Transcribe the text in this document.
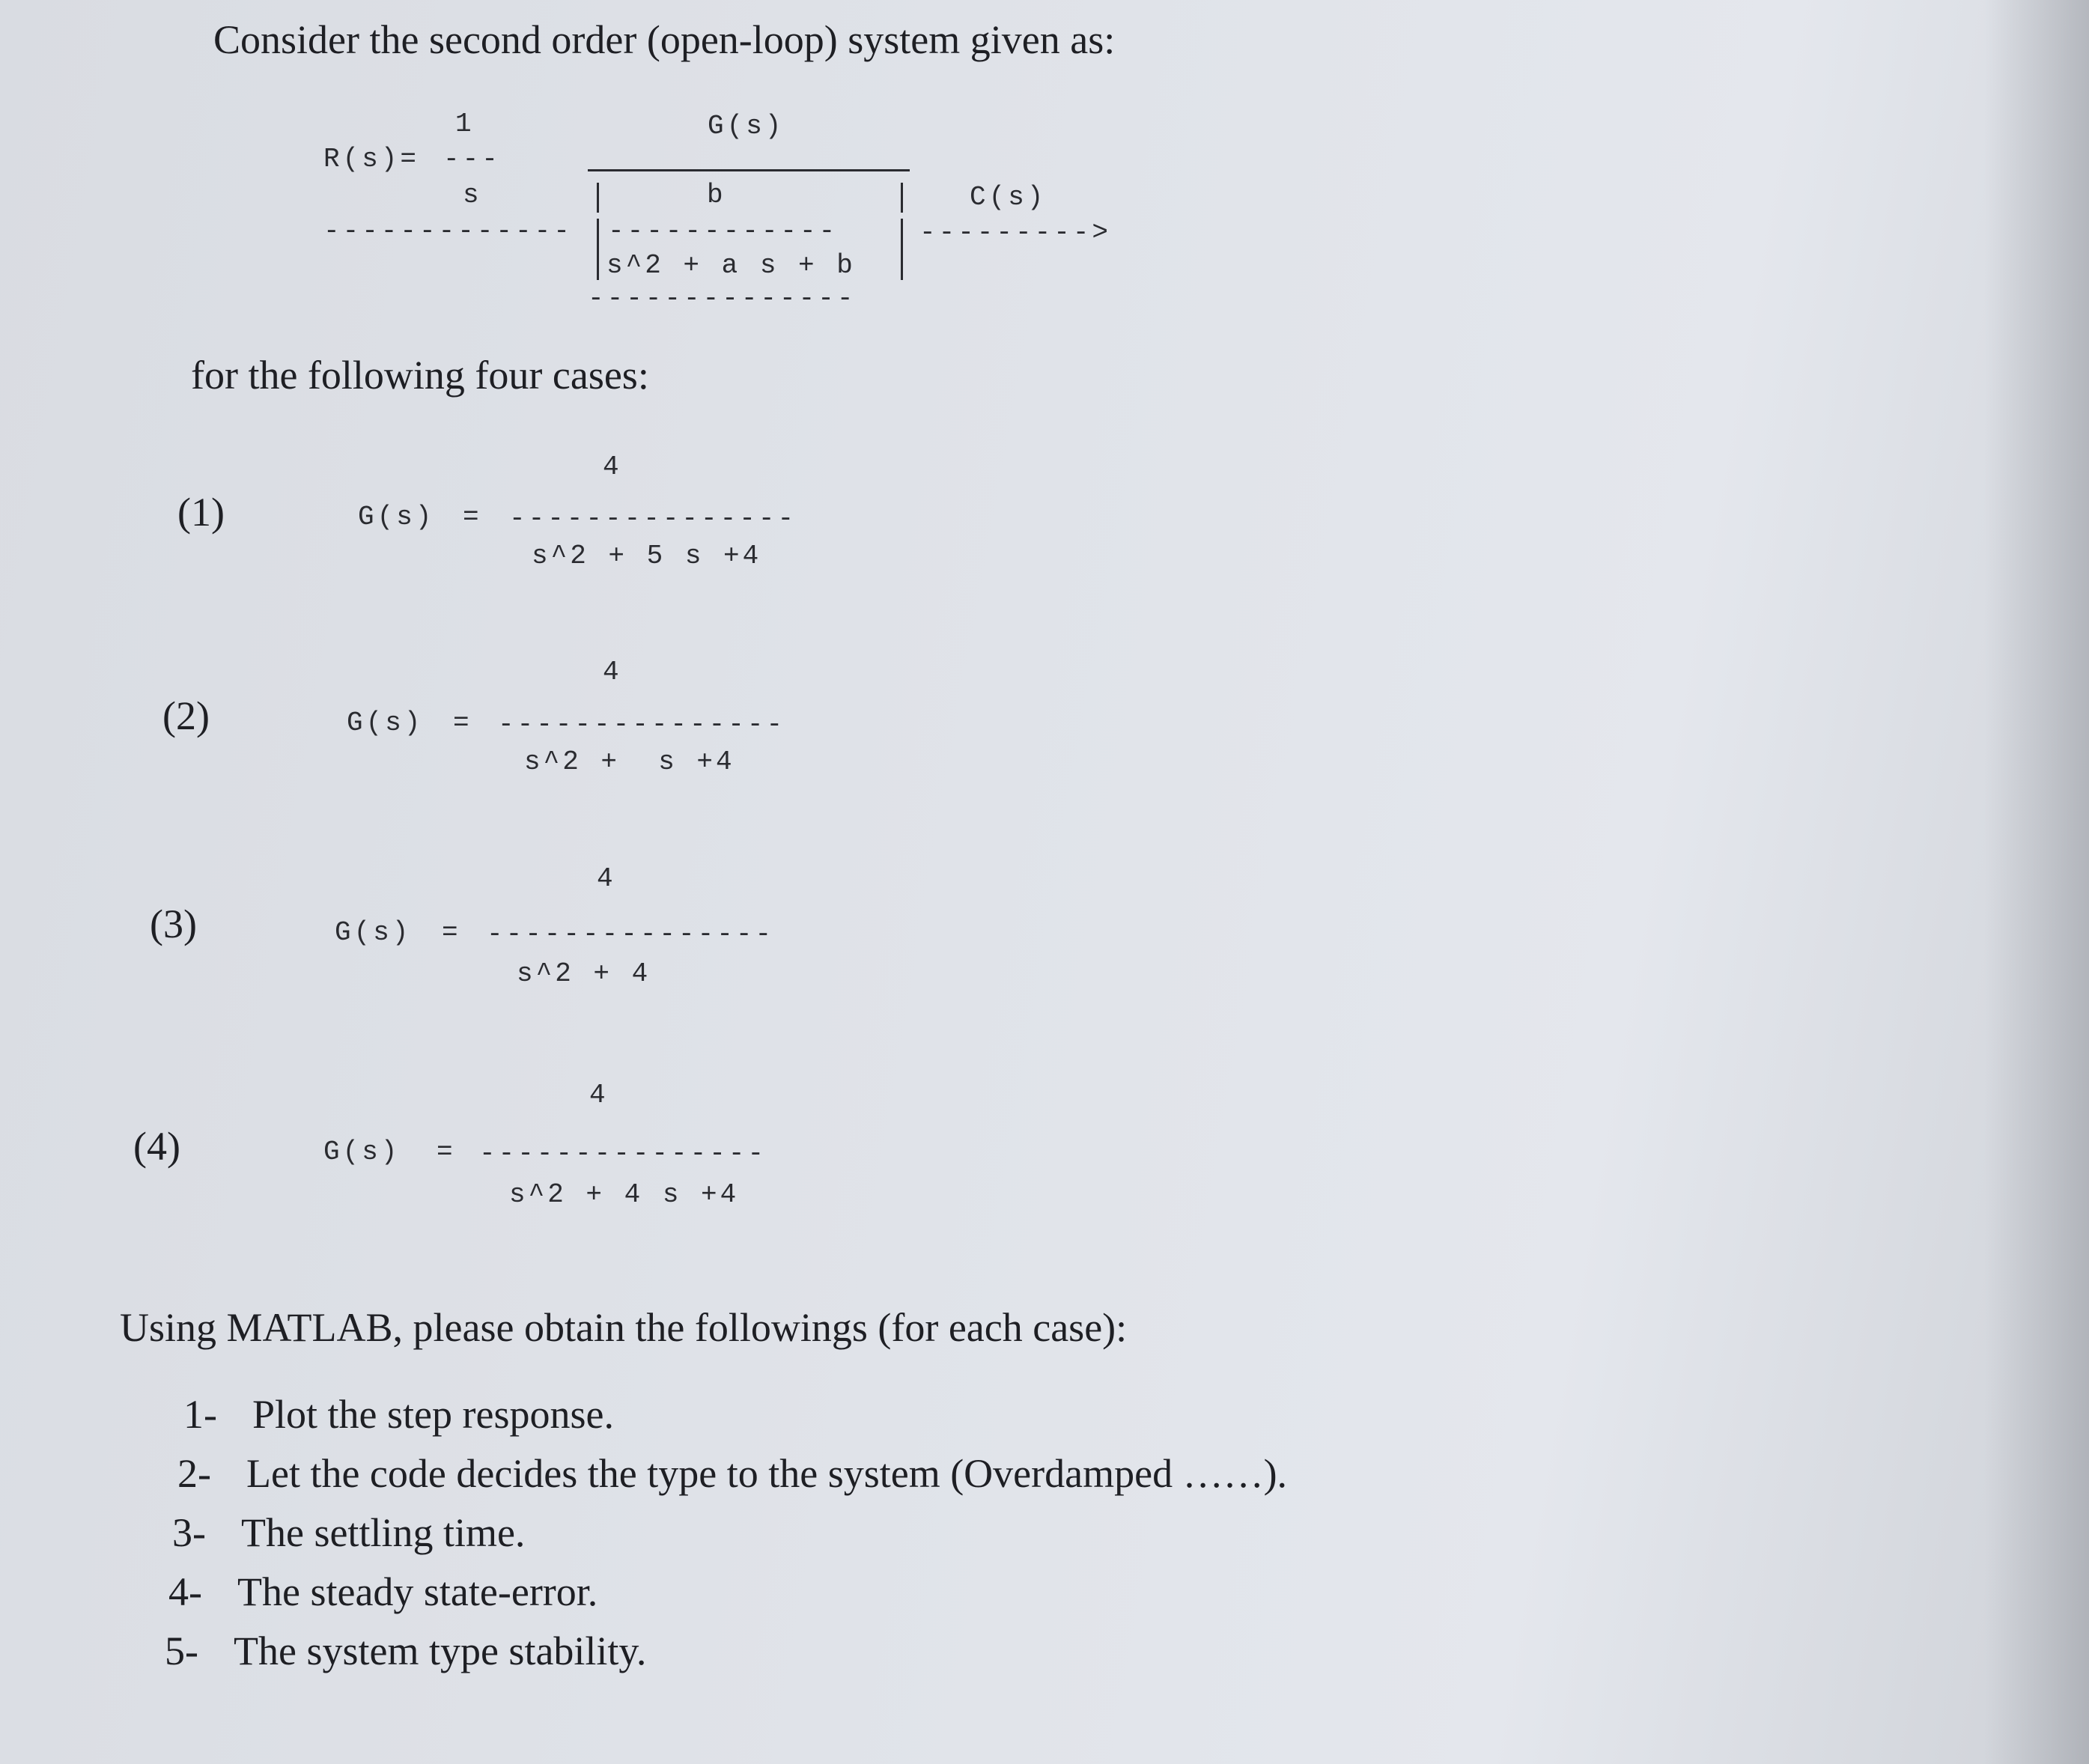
Consider the second order (open-loop) system given as:
1
R(s)= ---
s
-------------
G(s)
b
------------
s^2 + a s + b
--------------
C(s)
--------->
for the following four cases:
(1)
4
G(s) = ---------------
s^2 + 5 s +4
(2)
4
G(s) = ---------------
s^2 +  s +4
(3)
4
G(s) = ---------------
s^2 + 4
(4)
4
G(s) = ---------------
s^2 + 4 s +4
Using MATLAB, please obtain the followings (for each case):
1- Plot the step response.
2- Let the code decides the type to the system (Overdamped ……).
3- The settling time.
4- The steady state-error.
5- The system type stability.
